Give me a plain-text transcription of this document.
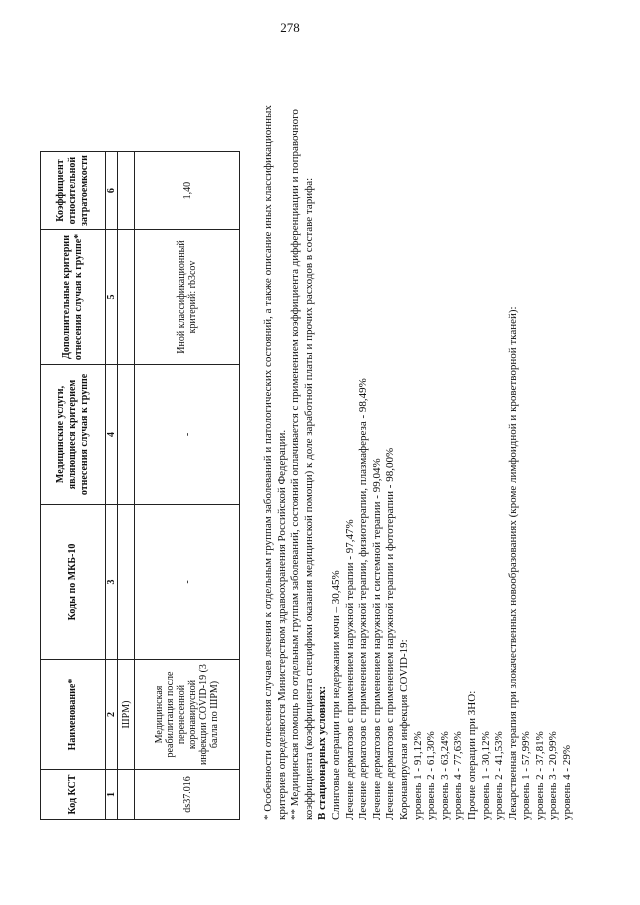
278
Код КСТ	Наименование*	Коды по МКБ-10	Медицинские услуги, являющиеся критерием отнесения случая к группе	Дополнительные критерии отнесения случая к группе*	Коэффициент относительной затратоемкости
1	2	3	4	5	6
	ШРМ)				
ds37.016	Медицинская реабилитация после перенесенной коронавирусной инфекции COVID-19 (3 балла по ШРМ)	-	-	Иной классификационный критерий: rb3cov	1,40	* Особенности отнесения случаев лечения к отдельным группам заболеваний и патологических состояний, а также описание иных классификационных критериев определяются Министерством здравоохранения Российской Федерации. ** Медицинская помощь по отдельным группам заболеваний, состояний оплачивается с применением коэффициента дифференциации и поправочного коэффициента (коэффициента специфики оказания медицинской помощи) к доле заработной платы и прочих расходов в составе тарифа: В стационарных условиях: Слинговые операции при недержании мочи – 30,45% Лечение дерматозов с применением наружной терапии - 97,47% Лечение дерматозов с применением наружной терапии, физиотерапии, плазмафереза - 98,49% Лечение дерматозов с применением наружной и системной терапии - 99,04% Лечение дерматозов с применением наружной терапии и фототерапии - 98,00% Коронавирусная инфекция COVID-19: уровень 1 - 91,12% уровень 2 - 61,30% уровень 3 - 63,24% уровень 4 - 77,63% Прочие операции при ЗНО: уровень 1 - 30,12% уровень 2 - 41,53% Лекарственная терапия при злокачественных новообразованиях (кроме лимфоидной и кроветворной тканей): уровень 1 - 57,99% уровень 2 - 37,81% уровень 3 - 20,99% уровень 4 - 29%
